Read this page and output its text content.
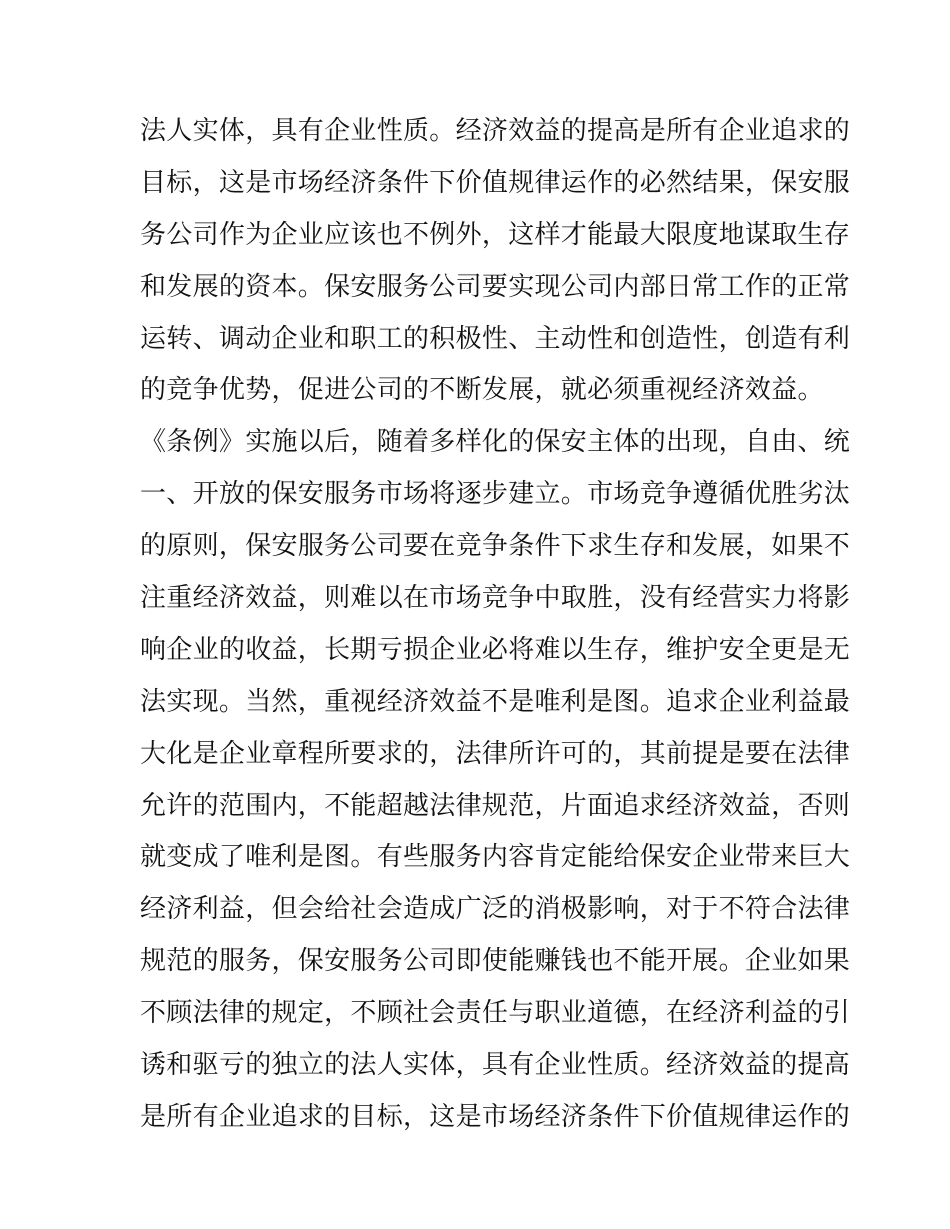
法人实体，具有企业性质。经济效益的提高是所有企业追求的
目标，这是市场经济条件下价值规律运作的必然结果，保安服
务公司作为企业应该也不例外，这样才能最大限度地谋取生存
和发展的资本。保安服务公司要实现公司内部日常工作的正常
运转、调动企业和职工的积极性、主动性和创造性，创造有利
的竞争优势，促进公司的不断发展，就必须重视经济效益。
《条例》实施以后，随着多样化的保安主体的出现，自由、统
一、开放的保安服务市场将逐步建立。市场竞争遵循优胜劣汰
的原则，保安服务公司要在竞争条件下求生存和发展，如果不
注重经济效益，则难以在市场竞争中取胜，没有经营实力将影
响企业的收益，长期亏损企业必将难以生存，维护安全更是无
法实现。当然，重视经济效益不是唯利是图。追求企业利益最
大化是企业章程所要求的，法律所许可的，其前提是要在法律
允许的范围内，不能超越法律规范，片面追求经济效益，否则
就变成了唯利是图。有些服务内容肯定能给保安企业带来巨大
经济利益，但会给社会造成广泛的消极影响，对于不符合法律
规范的服务，保安服务公司即使能赚钱也不能开展。企业如果
不顾法律的规定，不顾社会责任与职业道德，在经济利益的引
诱和驱亏的独立的法人实体，具有企业性质。经济效益的提高
是所有企业追求的目标，这是市场经济条件下价值规律运作的
